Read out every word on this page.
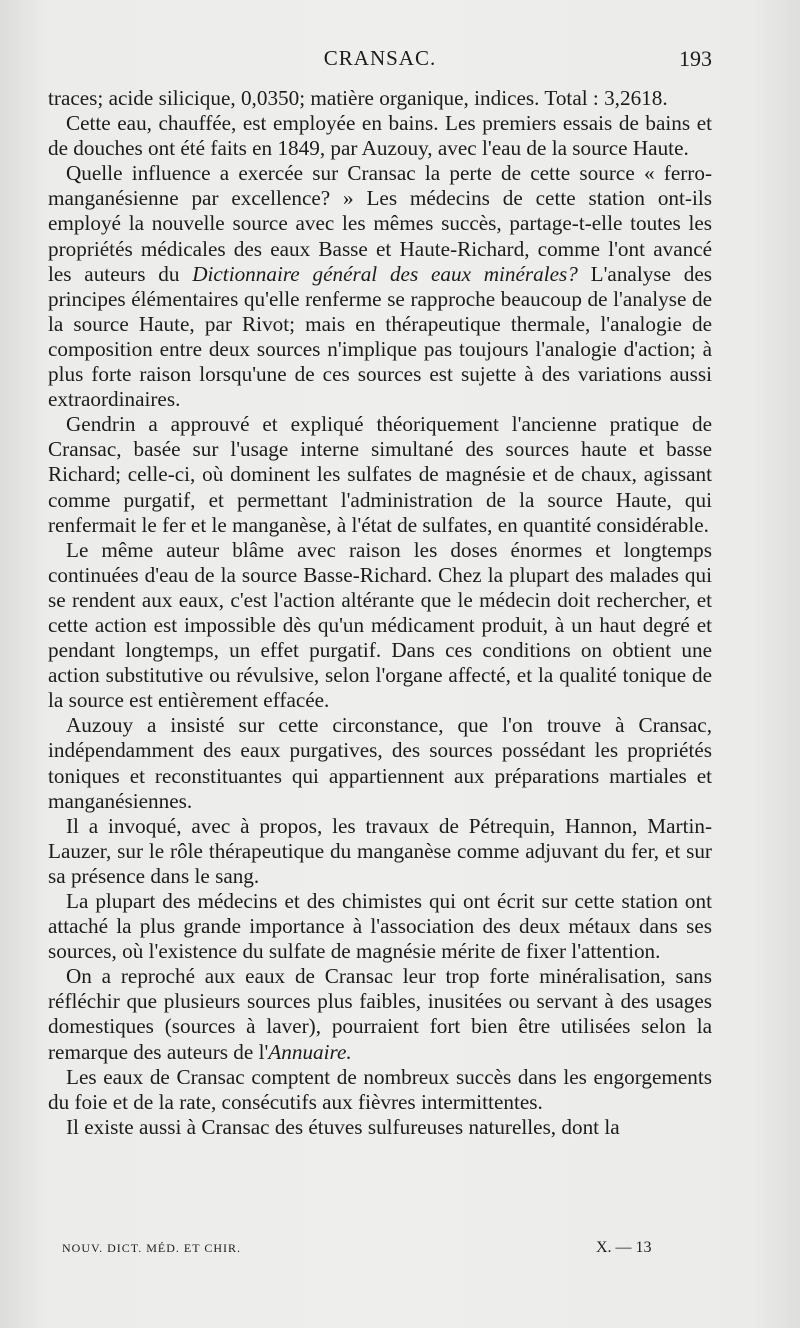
CRANSAC.	193

traces; acide silicique, 0,0350; matière organique, indices. Total : 3,2618.

Cette eau, chauffée, est employée en bains. Les premiers essais de bains et de douches ont été faits en 1849, par Auzouy, avec l'eau de la source Haute.

Quelle influence a exercée sur Cransac la perte de cette source « ferro-manganésienne par excellence? » Les médecins de cette station ont-ils employé la nouvelle source avec les mêmes succès, partage-t-elle toutes les propriétés médicales des eaux Basse et Haute-Richard, comme l'ont avancé les auteurs du Dictionnaire général des eaux minérales? L'analyse des principes élémentaires qu'elle renferme se rapproche beaucoup de l'analyse de la source Haute, par Rivot; mais en thérapeutique thermale, l'analogie de composition entre deux sources n'implique pas toujours l'analogie d'action; à plus forte raison lorsqu'une de ces sources est sujette à des variations aussi extraordinaires.

Gendrin a approuvé et expliqué théoriquement l'ancienne pratique de Cransac, basée sur l'usage interne simultané des sources haute et basse Richard; celle-ci, où dominent les sulfates de magnésie et de chaux, agissant comme purgatif, et permettant l'administration de la source Haute, qui renfermait le fer et le manganèse, à l'état de sulfates, en quantité considérable.

Le même auteur blâme avec raison les doses énormes et longtemps continuées d'eau de la source Basse-Richard. Chez la plupart des malades qui se rendent aux eaux, c'est l'action altérante que le médecin doit rechercher, et cette action est impossible dès qu'un médicament produit, à un haut degré et pendant longtemps, un effet purgatif. Dans ces conditions on obtient une action substitutive ou révulsive, selon l'organe affecté, et la qualité tonique de la source est entièrement effacée.

Auzouy a insisté sur cette circonstance, que l'on trouve à Cransac, indépendamment des eaux purgatives, des sources possédant les propriétés toniques et reconstituantes qui appartiennent aux préparations martiales et manganésiennes.

Il a invoqué, avec à propos, les travaux de Pétrequin, Hannon, Martin-Lauzer, sur le rôle thérapeutique du manganèse comme adjuvant du fer, et sur sa présence dans le sang.

La plupart des médecins et des chimistes qui ont écrit sur cette station ont attaché la plus grande importance à l'association des deux métaux dans ses sources, où l'existence du sulfate de magnésie mérite de fixer l'attention.

On a reproché aux eaux de Cransac leur trop forte minéralisation, sans réfléchir que plusieurs sources plus faibles, inusitées ou servant à des usages domestiques (sources à laver), pourraient fort bien être utilisées selon la remarque des auteurs de l'Annuaire.

Les eaux de Cransac comptent de nombreux succès dans les engorgements du foie et de la rate, consécutifs aux fièvres intermittentes.

Il existe aussi à Cransac des étuves sulfureuses naturelles, dont la

NOUV. DICT. MÉD. ET CHIR.	X. — 13
